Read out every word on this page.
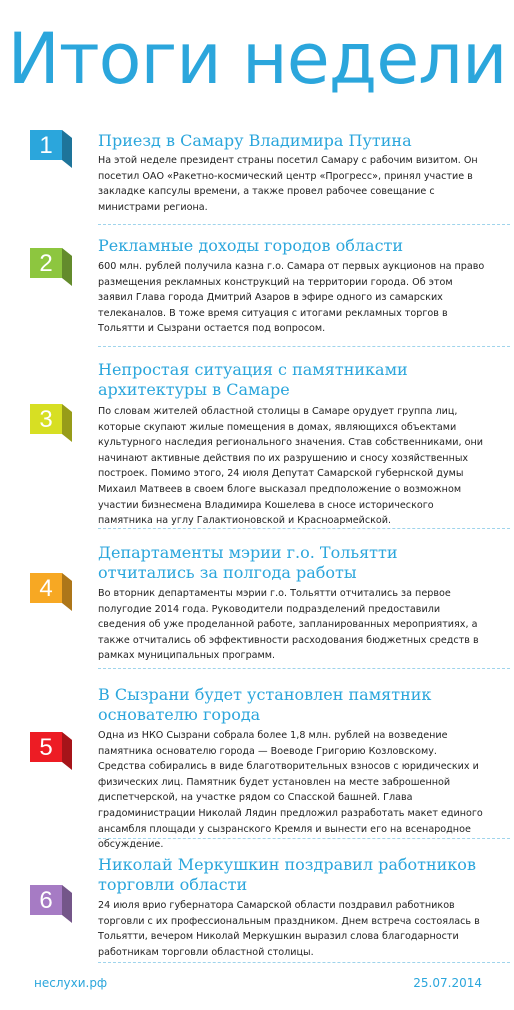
Итоги недели
1	Приезд в Самару Владимира Путина

На этой неделе президент страны посетил Самару с рабочим визитом. Он посетил ОАО «Ракетно-космический центр «Прогресс», принял участие в закладке капсулы времени, а также провел рабочее совещание с министрами региона.

2
Рекламные доходы городов области

600 млн. рублей получила казна г.о. Самара от первых аукционов на право размещения рекламных конструкций на территории города. Об этом заявил Глава города Дмитрий Азаров в эфире одного из самарских телеканалов. В тоже время ситуация с итогами рекламных торгов в Тольятти и Сызрани остается под вопросом.

3
Непростая ситуация с памятниками архитектуры в Самаре

По словам жителей областной столицы в Самаре орудует группа лиц, которые скупают жилые помещения в домах, являющихся объектами культурного наследия регионального значения. Став собственниками, они начинают активные действия по их разрушению и сносу хозяйственных построек. Помимо этого, 24 июля Депутат Самарской губернской думы Михаил Матвеев в своем блоге высказал предположение о возможном участии бизнесмена Владимира Кошелева в сносе исторического памятника на углу Галактионовской и Красноармейской.

4
Департаменты мэрии г.о. Тольятти отчитались за полгода работы

Во вторник департаменты мэрии г.о. Тольятти отчитались за первое полугодие 2014 года. Руководители подразделений предоставили сведения об уже проделанной работе, запланированных мероприятиях, а также отчитались об эффективности расходования бюджетных средств в рамках муниципальных программ.

5
В Сызрани будет установлен памятник основателю города

Одна из НКО Сызрани собрала более 1,8 млн. рублей на возведение памятника основателю города — Воеводе Григорию Козловскому. Средства собирались в виде благотворительных взносов с юридических и физических лиц. Памятник будет установлен на месте заброшенной диспетчерской, на участке рядом со Спасской башней. Глава градоминистрации Николай Лядин предложил разработать макет единого ансамбля площади у сызранского Кремля и вынести его на всенародное обсуждение.

6
Николай Меркушкин поздравил работников торговли области

24 июля врио губернатора Самарской области поздравил работников торговли с их профессиональным праздником. Днем встреча состоялась в Тольятти, вечером Николай Меркушкин выразил слова благодарности работникам торговли областной столицы.

неслухи.рф	25.07.2014
